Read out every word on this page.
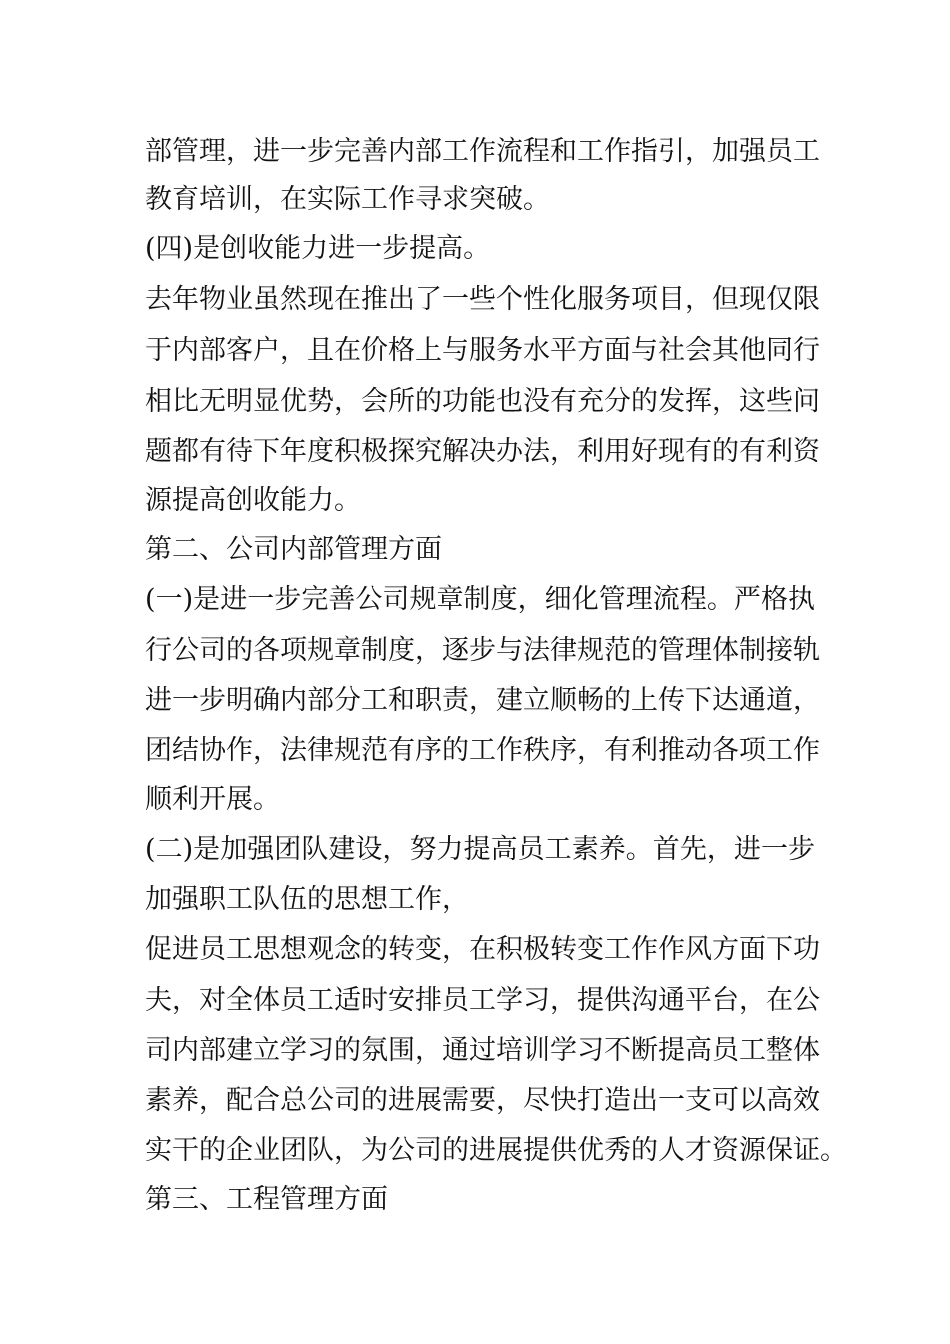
部管理，进一步完善内部工作流程和工作指引，加强员工
教育培训，在实际工作寻求突破。
(四)是创收能力进一步提高。
去年物业虽然现在推出了一些个性化服务项目，但现仅限
于内部客户，且在价格上与服务水平方面与社会其他同行
相比无明显优势，会所的功能也没有充分的发挥，这些问
题都有待下年度积极探究解决办法，利用好现有的有利资
源提高创收能力。
第二、公司内部管理方面
(一)是进一步完善公司规章制度，细化管理流程。严格执
行公司的各项规章制度，逐步与法律规范的管理体制接轨
进一步明确内部分工和职责，建立顺畅的上传下达通道，
团结协作，法律规范有序的工作秩序，有利推动各项工作
顺利开展。
(二)是加强团队建设，努力提高员工素养。首先，进一步
加强职工队伍的思想工作，
促进员工思想观念的转变，在积极转变工作作风方面下功
夫，对全体员工适时安排员工学习，提供沟通平台，在公
司内部建立学习的氛围，通过培训学习不断提高员工整体
素养，配合总公司的进展需要，尽快打造出一支可以高效
实干的企业团队，为公司的进展提供优秀的人才资源保证。
第三、工程管理方面
